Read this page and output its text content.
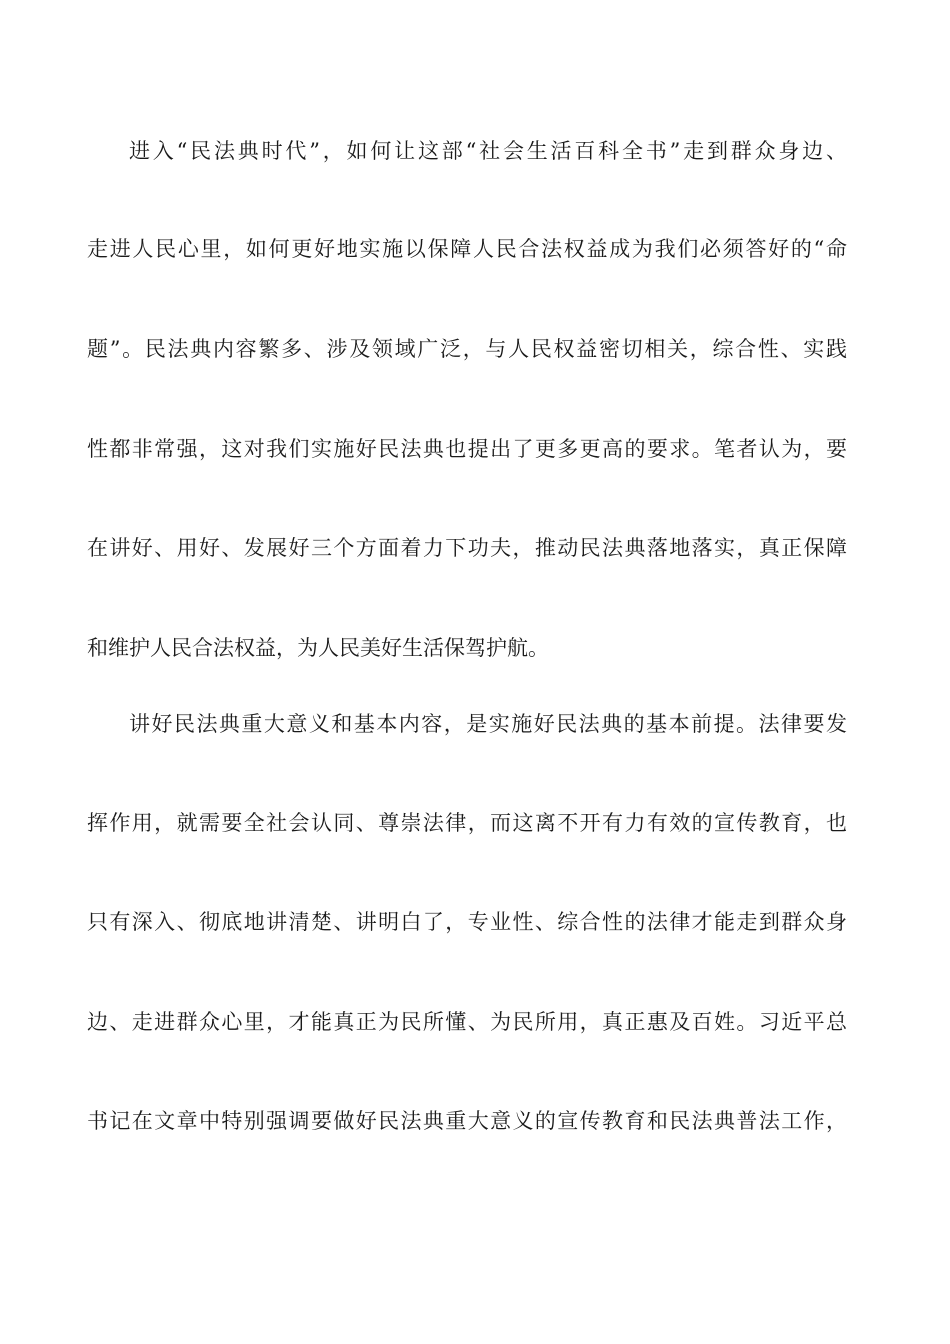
进入“民法典时代”，如何让这部“社会生活百科全书”走到群众身边、
走进人民心里，如何更好地实施以保障人民合法权益成为我们必须答好的“命
题”。民法典内容繁多、涉及领域广泛，与人民权益密切相关，综合性、实践
性都非常强，这对我们实施好民法典也提出了更多更高的要求。笔者认为，要
在讲好、用好、发展好三个方面着力下功夫，推动民法典落地落实，真正保障
和维护人民合法权益，为人民美好生活保驾护航。
讲好民法典重大意义和基本内容，是实施好民法典的基本前提。法律要发
挥作用，就需要全社会认同、尊崇法律，而这离不开有力有效的宣传教育，也
只有深入、彻底地讲清楚、讲明白了，专业性、综合性的法律才能走到群众身
边、走进群众心里，才能真正为民所懂、为民所用，真正惠及百姓。习近平总
书记在文章中特别强调要做好民法典重大意义的宣传教育和民法典普法工作，
